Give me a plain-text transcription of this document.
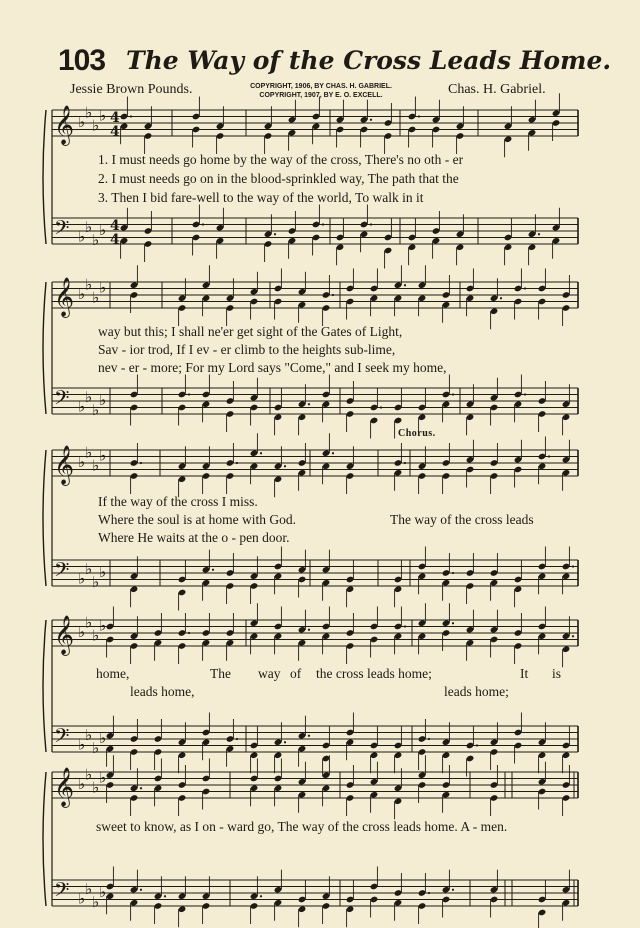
103 The Way of the Cross Leads Home.
Jessie Brown Pounds.	COPYRIGHT, 1906, BY CHAS. H. GABRIEL.
COPYRIGHT, 1907, BY E. O. EXCELL.	Chas. H. Gabriel.
𝄞 ♭
♭
♭
♭ 4
4
𝄢 ♭
♭
♭
♭ 4
4
𝄞 ♭
♭
♭
♭
𝄢 ♭
♭
♭
♭
𝄞 ♭
♭
♭
♭
𝄢 ♭
♭
♭
♭
𝄞 ♭
♭
♭
♭
𝄢 ♭
♭
♭
♭
𝄞 ♭
♭
♭
♭
𝄢 ♭
♭
♭
♭
1. I must needs go home by the way of the cross, There's no oth - er
2. I must needs go on in the blood-sprinkled way, The path that the
3. Then I bid fare-well to the way of the world, To walk in it
way but this; I shall ne'er get sight of the Gates of Light,
Sav - ior trod, If I ev - er climb to the heights sub-lime,
nev - er - more; For my Lord says "Come," and I seek my home,
Chorus.
If the way of the cross I miss.
Where the soul is at home with God.
Where He waits at the o - pen door.
The way of the cross leads
home,	The way of the cross leads home;	It is
leads home,	leads home;
sweet to know, as I on - ward go, The way of the cross leads home. A - men.
